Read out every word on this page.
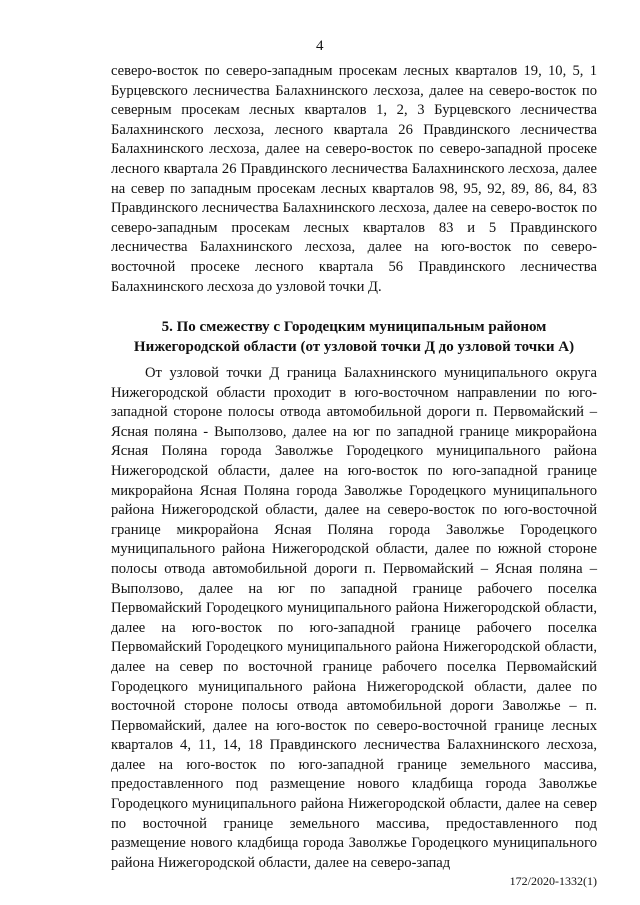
4

северо-восток по северо-западным просекам лесных кварталов 19, 10, 5, 1 Бурцевского лесничества Балахнинского лесхоза, далее на северо-восток по северным просекам лесных кварталов 1, 2, 3 Бурцевского лесничества Балахнинского лесхоза, лесного квартала 26 Правдинского лесничества Балахнинского лесхоза, далее на северо-восток по северо-западной просеке лесного квартала 26 Правдинского лесничества Балахнинского лесхоза, далее на север по западным просекам лесных кварталов 98, 95, 92, 89, 86, 84, 83 Правдинского лесничества Балахнинского лесхоза, далее на северо-восток по северо-западным просекам лесных кварталов 83 и 5 Правдинского лесничества Балахнинского лесхоза, далее на юго-восток по северо-восточной просеке лесного квартала 56 Правдинского лесничества Балахнинского лесхоза до узловой точки Д.

5. По смежеству с Городецким муниципальным районом
Нижегородской области (от узловой точки Д до узловой точки А)

От узловой точки Д граница Балахнинского муниципального округа Нижегородской области проходит в юго-восточном направлении по юго-западной стороне полосы отвода автомобильной дороги п. Первомайский – Ясная поляна - Выползово, далее на юг по западной границе микрорайона Ясная Поляна города Заволжье Городецкого муниципального района Нижегородской области, далее на юго-восток по юго-западной границе микрорайона Ясная Поляна города Заволжье Городецкого муниципального района Нижегородской области, далее на северо-восток по юго-восточной границе микрорайона Ясная Поляна города Заволжье Городецкого муниципального района Нижегородской области, далее по южной стороне полосы отвода автомобильной дороги п. Первомайский – Ясная поляна – Выползово, далее на юг по западной границе рабочего поселка Первомайский Городецкого муниципального района Нижегородской области, далее на юго-восток по юго-западной границе рабочего поселка Первомайский Городецкого муниципального района Нижегородской области, далее на север по восточной границе рабочего поселка Первомайский Городецкого муниципального района Нижегородской области, далее по восточной стороне полосы отвода автомобильной дороги Заволжье – п. Первомайский, далее на юго-восток по северо-восточной границе лесных кварталов 4, 11, 14, 18 Правдинского лесничества Балахнинского лесхоза, далее на юго-восток по юго-западной границе земельного массива, предоставленного под размещение нового кладбища города Заволжье Городецкого муниципального района Нижегородской области, далее на север по восточной границе земельного массива, предоставленного под размещение нового кладбища города Заволжье Городецкого муниципального района Нижегородской области, далее на северо-запад

172/2020-1332(1)
